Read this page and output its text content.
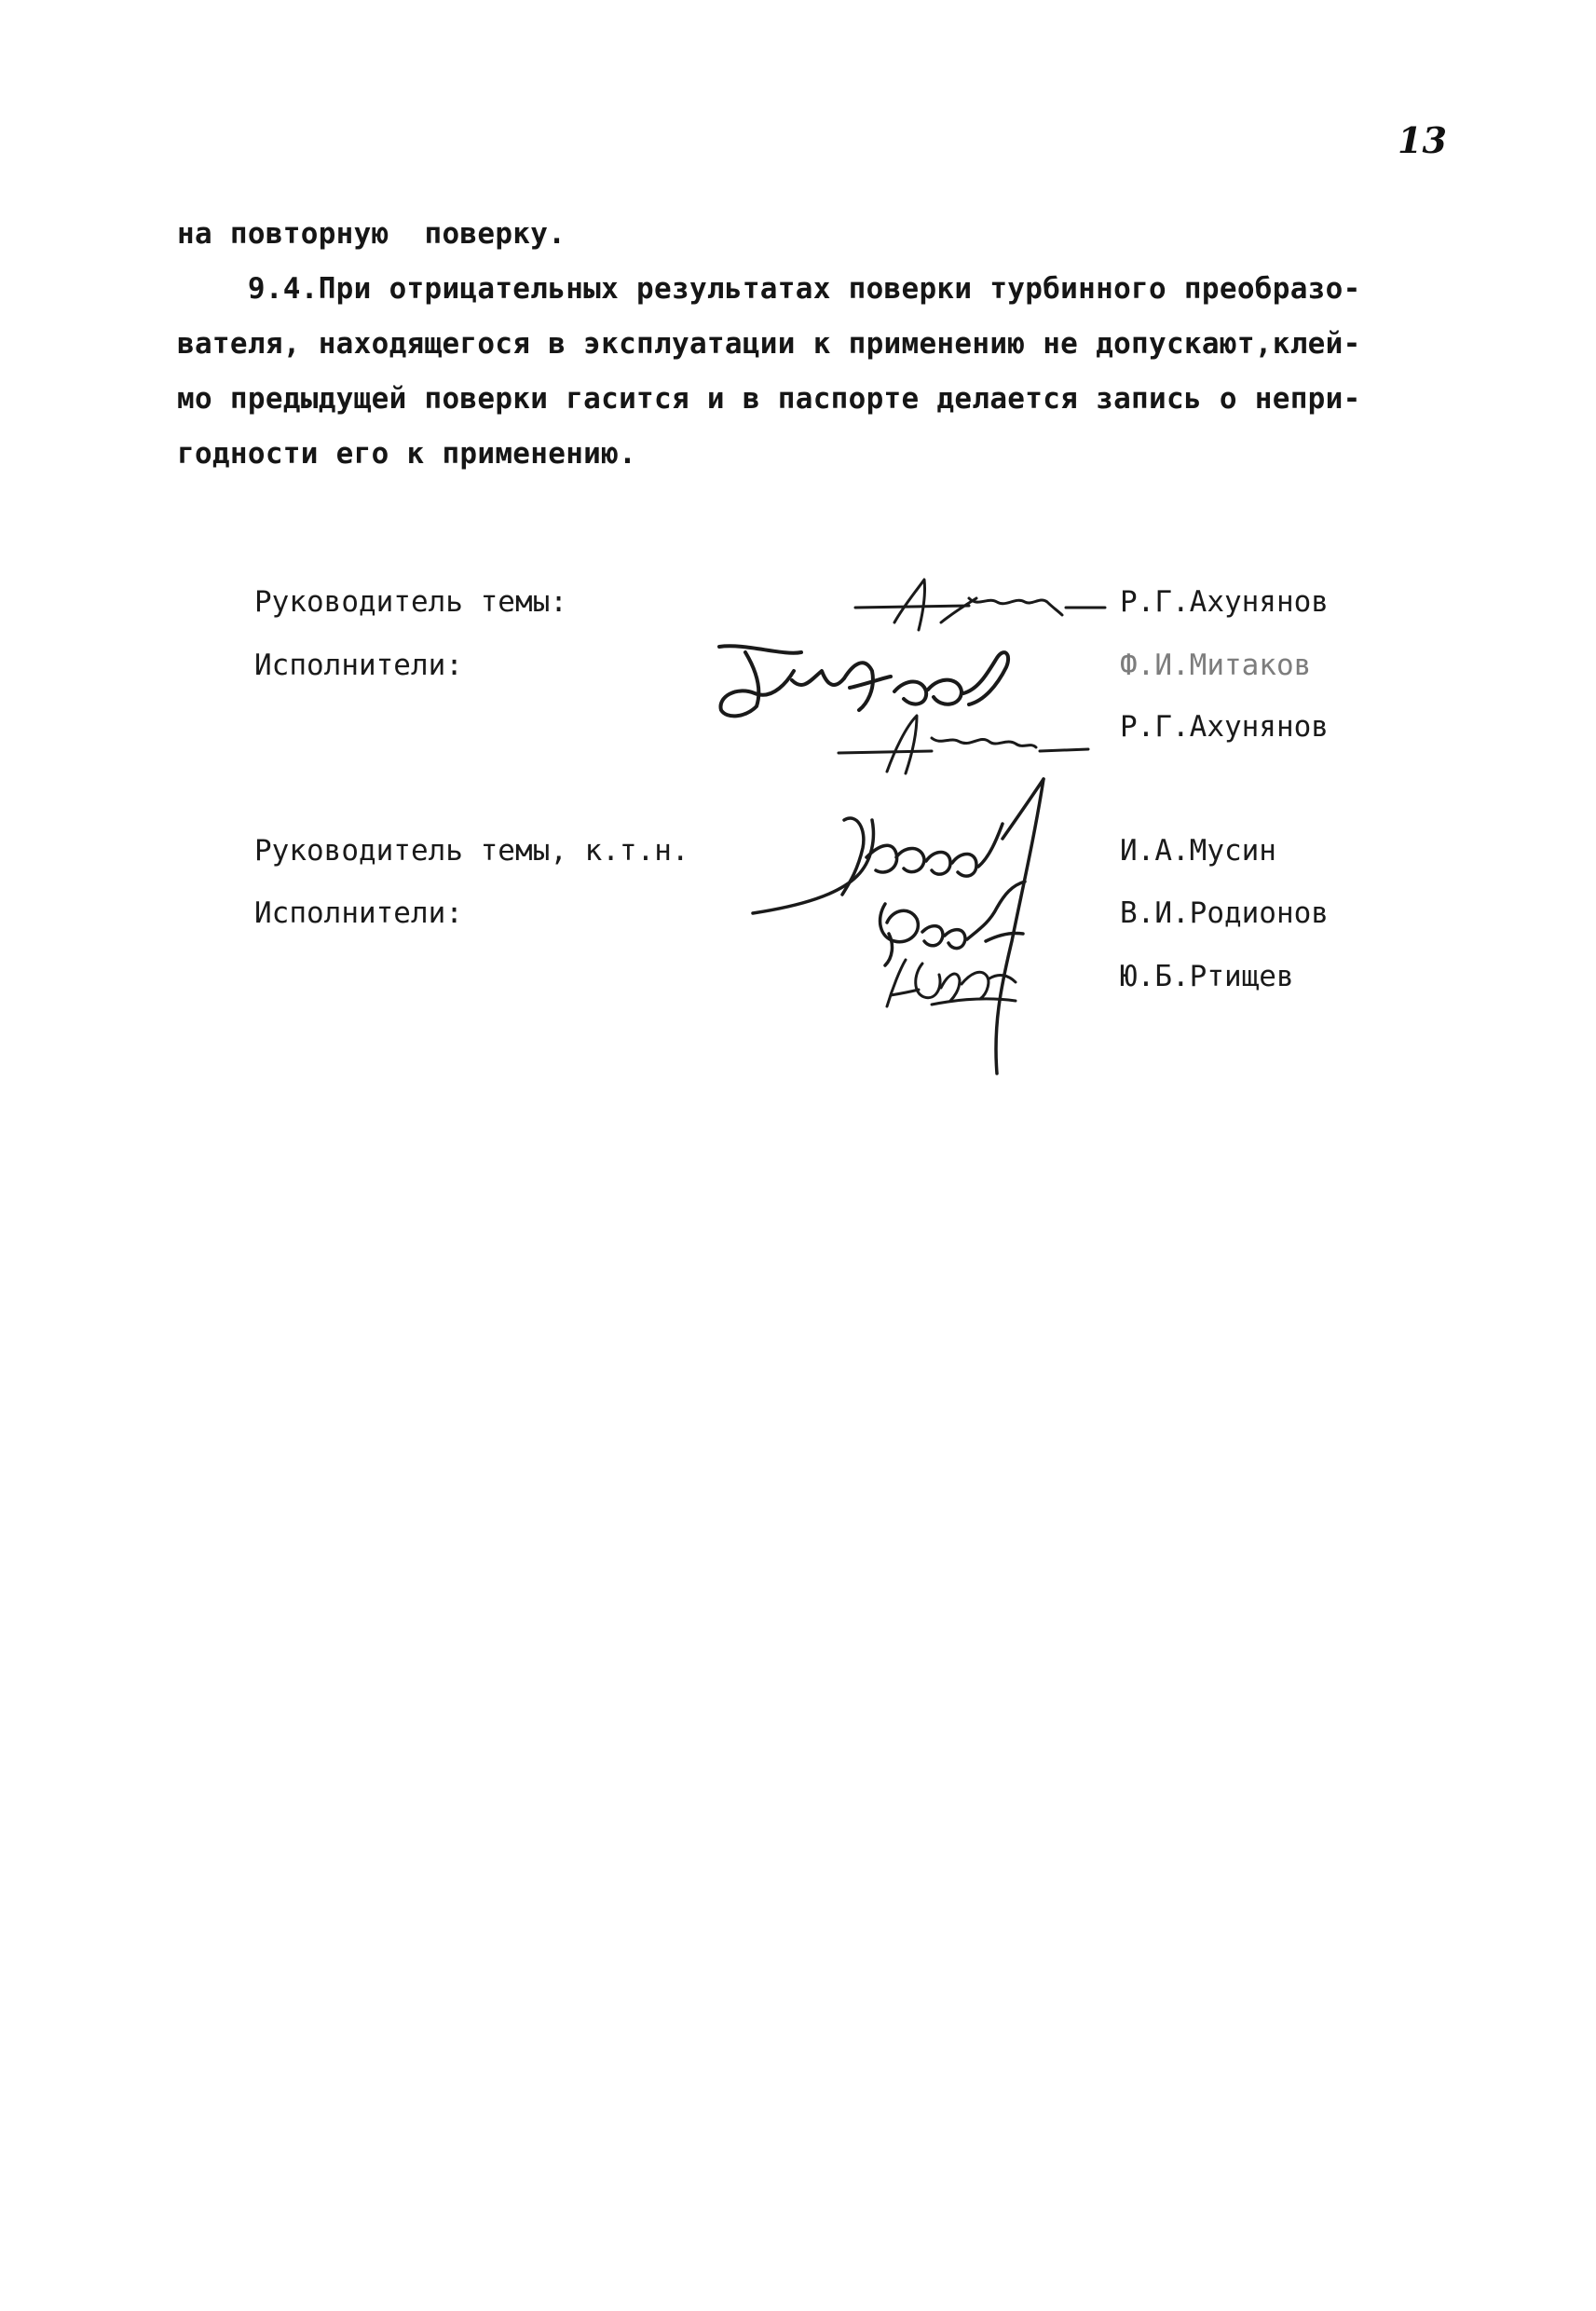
13
на повторную  поверку.
9.4.При отрицательных результатах поверки турбинного преобразо-
вателя, находящегося в эксплуатации к применению не допускают,клей-
мо предыдущей поверки гасится и в паспорте делается запись о непри-
годности его к применению.
Руководитель темы:	Р.Г.Ахунянов
Исполнители:	Ф.И.Митаков
Р.Г.Ахунянов
Руководитель темы, к.т.н.	И.А.Мусин
Исполнители:	В.И.Родионов
Ю.Б.Ртищев
